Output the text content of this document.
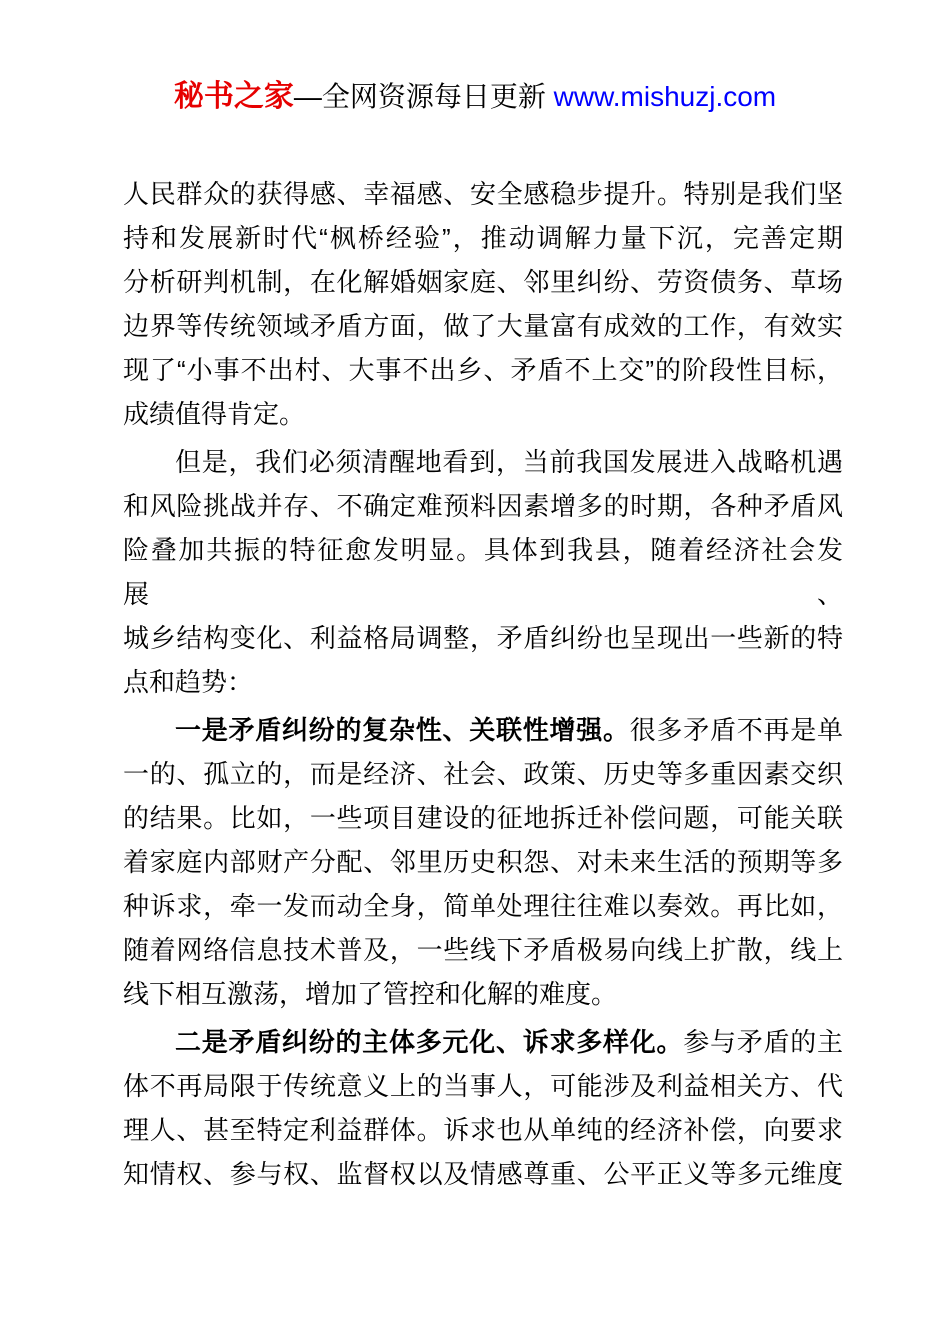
秘书之家—全网资源每日更新 www.mishuzj.com

人民群众的获得感、幸福感、安全感稳步提升。特别是我们坚
持和发展新时代“枫桥经验”，推动调解力量下沉，完善定期
分析研判机制，在化解婚姻家庭、邻里纠纷、劳资债务、草场
边界等传统领域矛盾方面，做了大量富有成效的工作，有效实
现了“小事不出村、大事不出乡、矛盾不上交”的阶段性目标，
成绩值得肯定。

但是，我们必须清醒地看到，当前我国发展进入战略机遇
和风险挑战并存、不确定难预料因素增多的时期，各种矛盾风
险叠加共振的特征愈发明显。具体到我县，随着经济社会发展、
城乡结构变化、利益格局调整，矛盾纠纷也呈现出一些新的特
点和趋势：

一是矛盾纠纷的复杂性、关联性增强。很多矛盾不再是单
一的、孤立的，而是经济、社会、政策、历史等多重因素交织
的结果。比如，一些项目建设的征地拆迁补偿问题，可能关联
着家庭内部财产分配、邻里历史积怨、对未来生活的预期等多
种诉求，牵一发而动全身，简单处理往往难以奏效。再比如，
随着网络信息技术普及，一些线下矛盾极易向线上扩散，线上
线下相互激荡，增加了管控和化解的难度。

二是矛盾纠纷的主体多元化、诉求多样化。参与矛盾的主
体不再局限于传统意义上的当事人，可能涉及利益相关方、代
理人、甚至特定利益群体。诉求也从单纯的经济补偿，向要求
知情权、参与权、监督权以及情感尊重、公平正义等多元维度
